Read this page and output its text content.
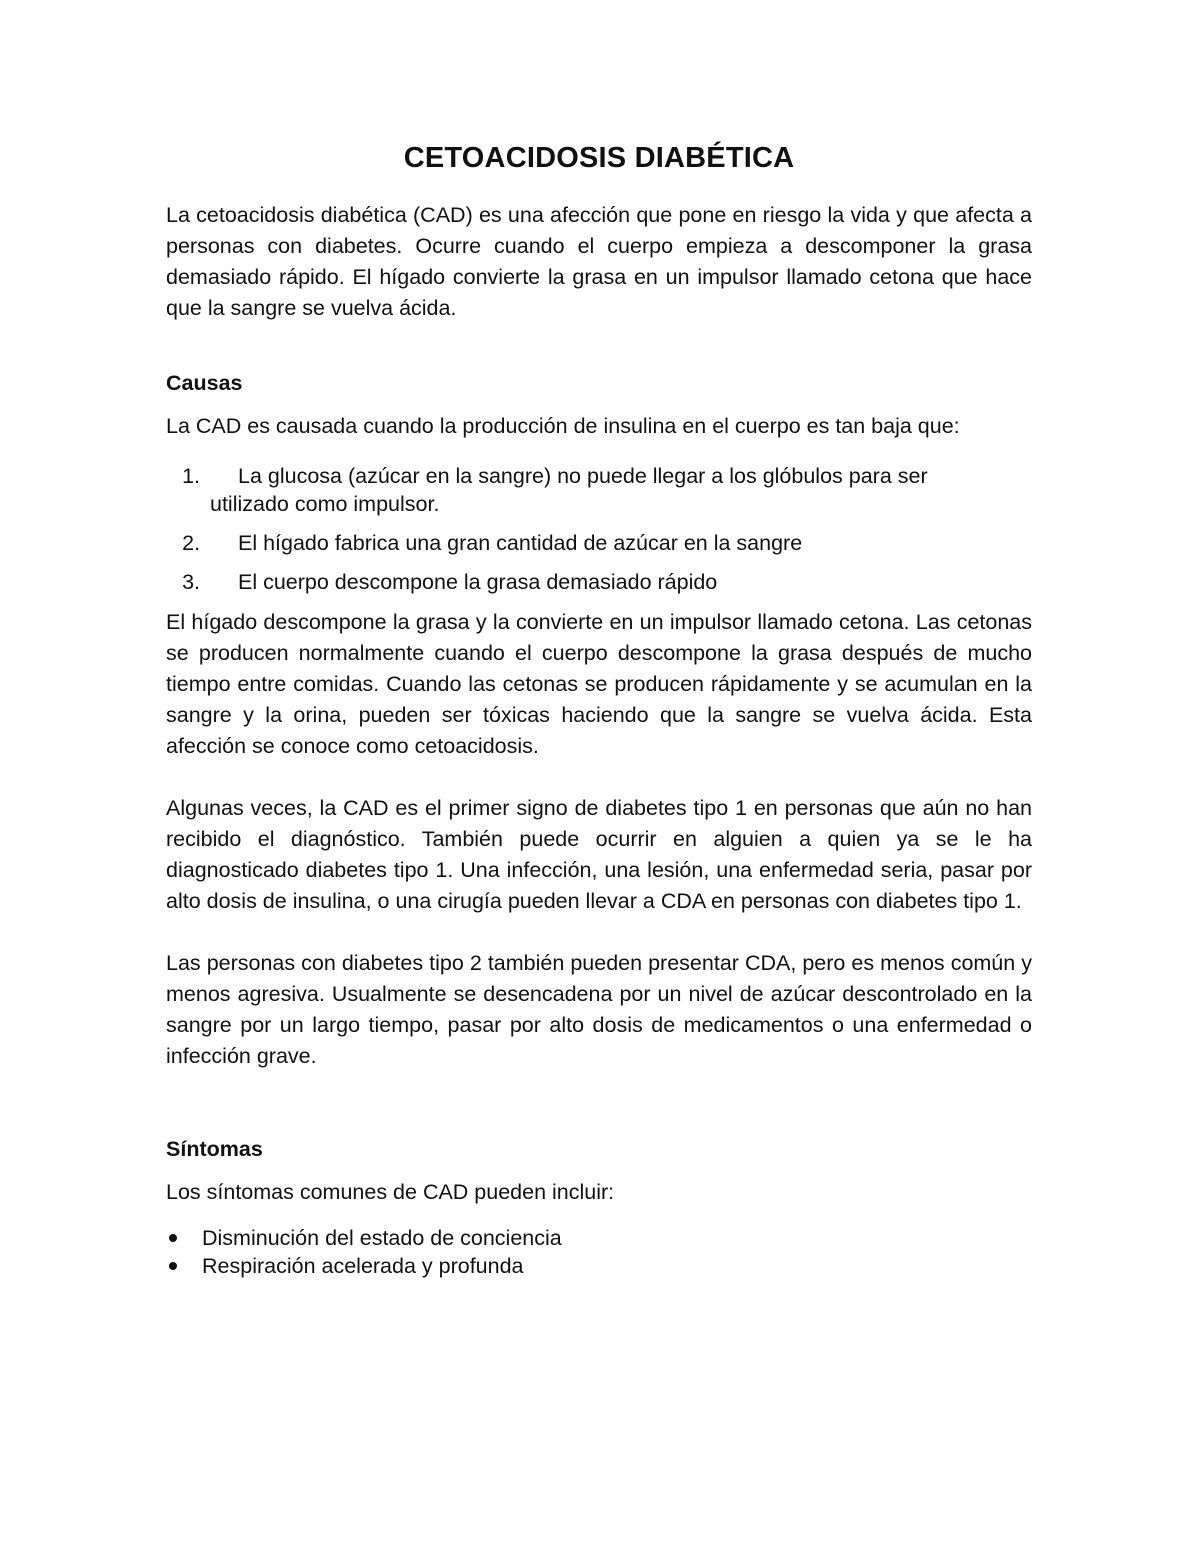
CETOACIDOSIS DIABÉTICA

La cetoacidosis diabética (CAD) es una afección que pone en riesgo la vida y que afecta a personas con diabetes. Ocurre cuando el cuerpo empieza a descomponer la grasa demasiado rápido. El hígado convierte la grasa en un impulsor llamado cetona que hace que la sangre se vuelva ácida.

Causas

La CAD es causada cuando la producción de insulina en el cuerpo es tan baja que:

1.	La glucosa (azúcar en la sangre) no puede llegar a los glóbulos para ser
utilizado como impulsor.
2.	El hígado fabrica una gran cantidad de azúcar en la sangre
3.	El cuerpo descompone la grasa demasiado rápido

El hígado descompone la grasa y la convierte en un impulsor llamado cetona. Las cetonas se producen normalmente cuando el cuerpo descompone la grasa después de mucho tiempo entre comidas. Cuando las cetonas se producen rápidamente y se acumulan en la sangre y la orina, pueden ser tóxicas haciendo que la sangre se vuelva ácida. Esta afección se conoce como cetoacidosis.

Algunas veces, la CAD es el primer signo de diabetes tipo 1 en personas que aún no han recibido el diagnóstico. También puede ocurrir en alguien a quien ya se le ha diagnosticado diabetes tipo 1. Una infección, una lesión, una enfermedad seria, pasar por alto dosis de insulina, o una cirugía pueden llevar a CDA en personas con diabetes tipo 1.

Las personas con diabetes tipo 2 también pueden presentar CDA, pero es menos común y menos agresiva. Usualmente se desencadena por un nivel de azúcar descontrolado en la sangre por un largo tiempo, pasar por alto dosis de medicamentos o una enfermedad o infección grave.

Síntomas

Los síntomas comunes de CAD pueden incluir:

Disminución del estado de conciencia
Respiración acelerada y profunda
